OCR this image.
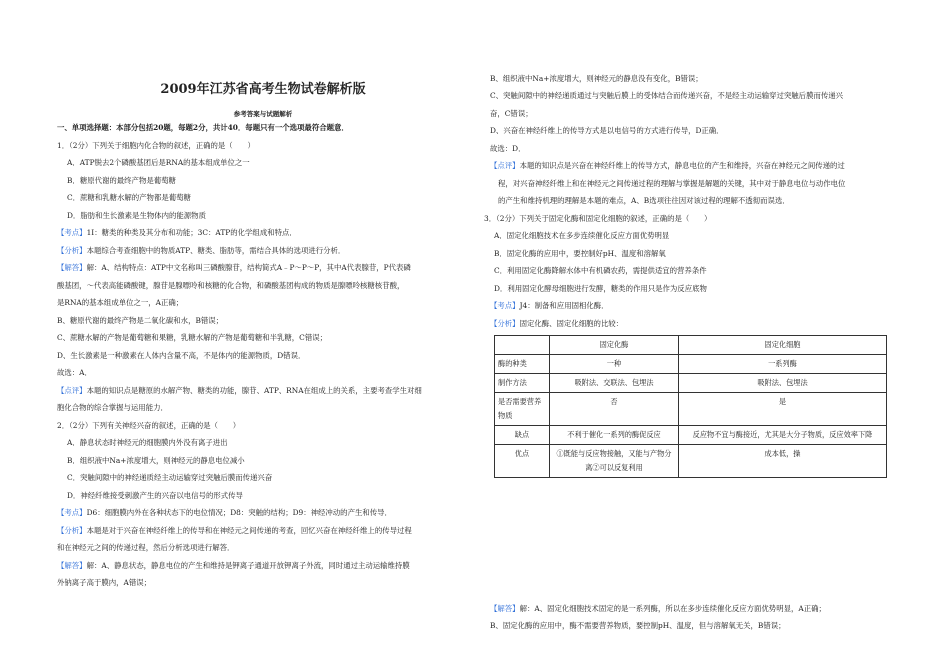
2009年江苏省高考生物试卷解析版
参考答案与试题解析
一、单项选择题：本部分包括20题，每题2分，共计40．每题只有一个选项最符合题意．
1．（2分）下列关于细胞内化合物的叙述，正确的是（　　）
A．ATP脱去2个磷酸基团后是RNA的基本组成单位之一
B．糖原代谢的最终产物是葡萄糖
C．蔗糖和乳糖水解的产物都是葡萄糖
D．脂肪和生长激素是生物体内的能源物质
【考点】1I：糖类的种类及其分布和功能；3C：ATP的化学组成和特点．
【分析】本题综合考查细胞中的物质ATP、糖类、脂肪等，需结合具体的选项进行分析．
【解答】解：A、结构特点：ATP中文名称叫三磷酸腺苷，结构简式A﹣P～P～P，其中A代表腺苷，P代表磷
酸基团，～代表高能磷酸键，腺苷是腺嘌呤和核糖的化合物，和磷酸基团构成的物质是腺嘌呤核糖核苷酸，
是RNA的基本组成单位之一，A正确；
B、糖原代谢的最终产物是二氧化碳和水，B错误；
C、蔗糖水解的产物是葡萄糖和果糖，乳糖水解的产物是葡萄糖和半乳糖，C错误；
D、生长激素是一种激素在人体内含量不高，不是体内的能源物质，D错误．
故选：A．
【点评】本题的知识点是糖原的水解产物、糖类的功能，腺苷、ATP、RNA在组成上的关系，主要考查学生对细
胞化合物的综合掌握与运用能力．
2．（2分）下列有关神经兴奋的叙述，正确的是（　　）
A．静息状态时神经元的细胞膜内外没有离子进出
B．组织液中Na+浓度增大，则神经元的静息电位减小
C．突触间隙中的神经递质经主动运输穿过突触后膜而传递兴奋
D．神经纤维接受刺激产生的兴奋以电信号的形式传导
【考点】D6：细胞膜内外在各种状态下的电位情况；D8：突触的结构；D9：神经冲动的产生和传导．
【分析】本题是对于兴奋在神经纤维上的传导和在神经元之间传递的考查，回忆兴奋在神经纤维上的传导过程
和在神经元之间的传递过程，然后分析选项进行解答．
【解答】解：A、静息状态，静息电位的产生和维持是钾离子通道开放钾离子外流，同时通过主动运输维持膜
外钠离子高于膜内，A错误；
B、组织液中Na+浓度增大，则神经元的静息没有变化，B错误；
C、突触间隙中的神经递质通过与突触后膜上的受体结合而传递兴奋，不是经主动运输穿过突触后膜而传递兴
奋，C错误；
D、兴奋在神经纤维上的传导方式是以电信号的方式进行传导，D正确．
故选：D．
【点评】本题的知识点是兴奋在神经纤维上的传导方式，静息电位的产生和维持，兴奋在神经元之间传递的过
程，对兴奋神经纤维上和在神经元之间传递过程的理解与掌握是解题的关键，其中对于静息电位与动作电位
的产生和维持机理的理解是本题的难点，A、B选项往往因对该过程的理解不透彻而误选．
3．（2分）下列关于固定化酶和固定化细胞的叙述，正确的是（　　）
A．固定化细胞技术在多步连续催化反应方面优势明显
B．固定化酶的应用中，要控制好pH、温度和溶解氧
C．利用固定化酶降解水体中有机磷农药，需提供适宜的营养条件
D．利用固定化酵母细胞进行发酵，糖类的作用只是作为反应底物
【考点】J4：制备和应用固相化酶．
【分析】固定化酶、固定化细胞的比较：
	固定化酶	固定化细胞
酶的种类	一种	一系列酶
制作方法	吸附法、交联法、包埋法	吸附法、包埋法
是否需要营养物质	否	是
缺点	不利于催化一系列的酶促反应	反应物不宜与酶接近，尤其是大分子物质，反应效率下降
优点	①既能与反应物接触，又能与产物分离②可以反复利用	成本低，操
【解答】解：A、固定化细胞技术固定的是一系列酶，所以在多步连续催化反应方面优势明显，A正确；
B、固定化酶的应用中，酶不需要营养物质，要控制pH、温度，但与溶解氧无关，B错误；
